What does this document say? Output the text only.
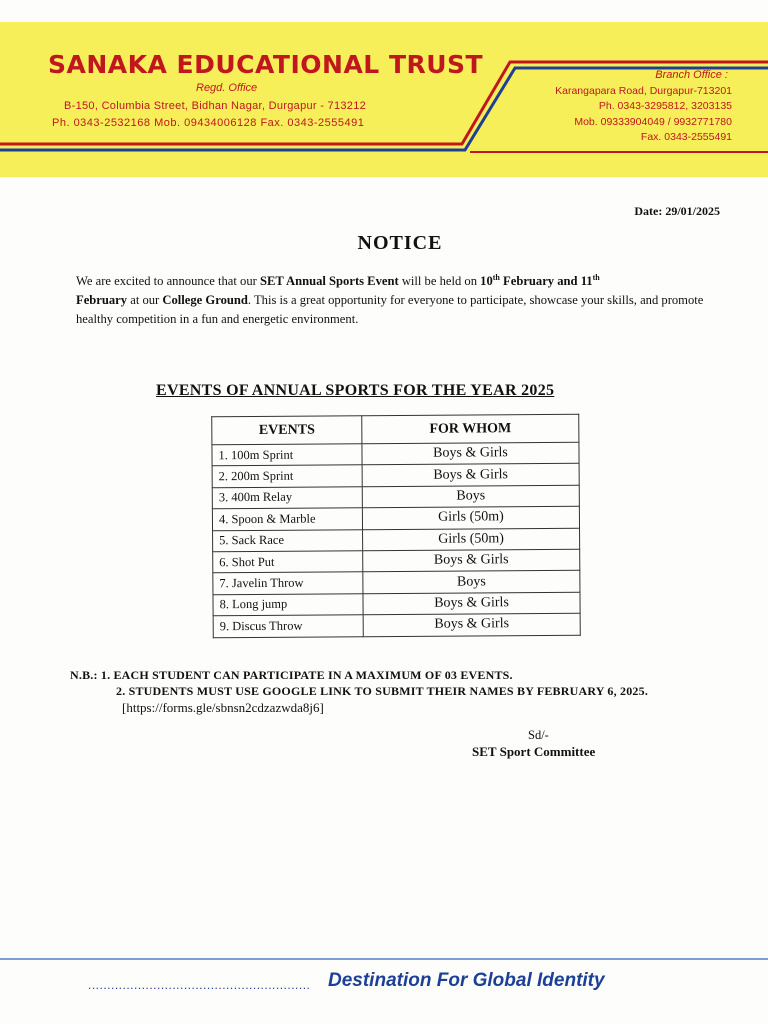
SANAKA EDUCATIONAL TRUST
Regd. Office
B-150, Columbia Street, Bidhan Nagar, Durgapur - 713212
Ph. 0343-2532168 Mob. 09434006128 Fax. 0343-2555491
Branch Office :
Karangapara Road, Durgapur-713201
Ph. 0343-3295812, 3203135
Mob. 09333904049 / 9932771780
Fax. 0343-2555491
Date: 29/01/2025
NOTICE
We are excited to announce that our SET Annual Sports Event will be held on 10th February and 11th
February at our College Ground. This is a great opportunity for everyone to participate, showcase your skills, and promote healthy competition in a fun and energetic environment.
EVENTS OF ANNUAL SPORTS FOR THE YEAR 2025
EVENTS	FOR WHOM
1. 100m Sprint	Boys & Girls
2. 200m Sprint	Boys & Girls
3. 400m Relay	Boys
4. Spoon & Marble	Girls (50m)
5. Sack Race	Girls (50m)
6. Shot Put	Boys & Girls
7. Javelin Throw	Boys
8. Long jump	Boys & Girls
9. Discus Throw	Boys & Girls
N.B.: 1. EACH STUDENT CAN PARTICIPATE IN A MAXIMUM OF 03 EVENTS.
2. STUDENTS MUST USE GOOGLE LINK TO SUBMIT THEIR NAMES BY FEBRUARY 6, 2025.
[https://forms.gle/sbnsn2cdzazwda8j6]
Sd/-
SET Sport Committee
.......................................................... Destination For Global Identity
